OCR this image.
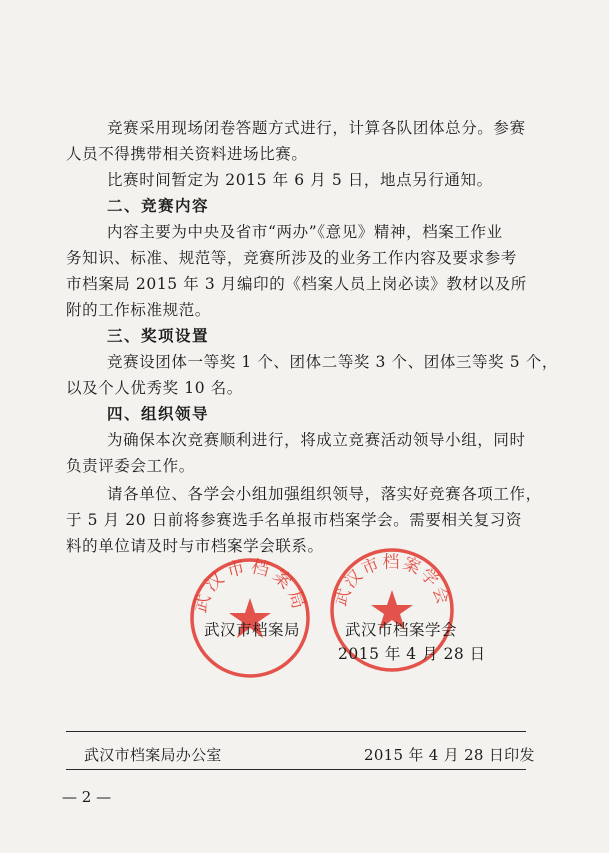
竞赛采用现场闭卷答题方式进行，计算各队团体总分。参赛
人员不得携带相关资料进场比赛。
比赛时间暂定为 2015 年 6 月 5 日，地点另行通知。
二、竞赛内容
内容主要为中央及省市“两办”《意见》精神，档案工作业
务知识、标准、规范等，竞赛所涉及的业务工作内容及要求参考
市档案局 2015 年 3 月编印的《档案人员上岗必读》教材以及所
附的工作标准规范。
三、奖项设置
竞赛设团体一等奖 1 个、团体二等奖 3 个、团体三等奖 5 个，
以及个人优秀奖 10 名。
四、组织领导
为确保本次竞赛顺利进行，将成立竞赛活动领导小组，同时
负责评委会工作。
请各单位、各学会小组加强组织领导，落实好竞赛各项工作，
于 5 月 20 日前将参赛选手名单报市档案学会。需要相关复习资
料的单位请及时与市档案学会联系。
武汉市档案局 武汉市档案学会
武汉市档案局	武汉市档案学会
2015 年 4 月 28 日
武汉市档案局办公室	2015 年 4 月 28 日印发
— 2 —
